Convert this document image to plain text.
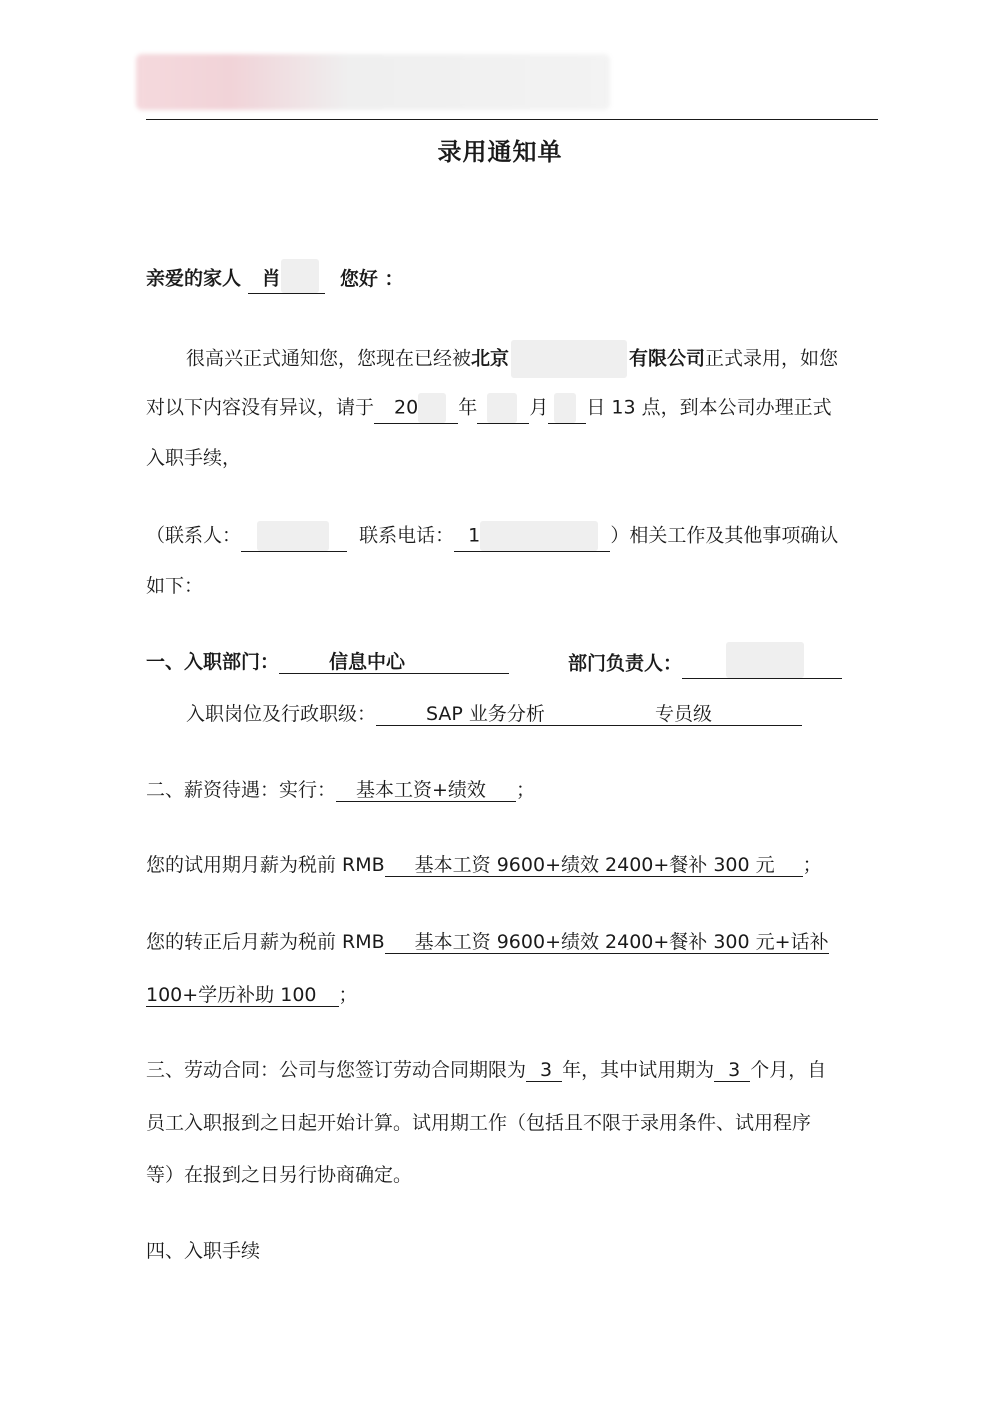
录用通知单
亲爱的家人 肖	您好 ：
很高兴正式通知您，您现在已经被北京	有限公司正式录用，如您
对以下内容没有异议，请于 20 年	月 日 13 点，到本公司办理正式
入职手续，
（联系人：	联系电话： 1	）相关工作及其他事项确认
如下：
一、入职部门：	信息中心	部门负责人：
入职岗位及行政职级：	SAP 业务分析	专员级
二、薪资待遇：实行： 基本工资+绩效 ；
您的试用期月薪为税前 RMB 基本工资 9600+绩效 2400+餐补 300 元 ；
您的转正后月薪为税前 RMB 基本工资 9600+绩效 2400+餐补 300 元+话补
100+学历补助 100 ；
三、劳动合同：公司与您签订劳动合同期限为 3 年，其中试用期为 3 个月，自
员工入职报到之日起开始计算。试用期工作（包括且不限于录用条件、试用程序
等）在报到之日另行协商确定。
四、入职手续
